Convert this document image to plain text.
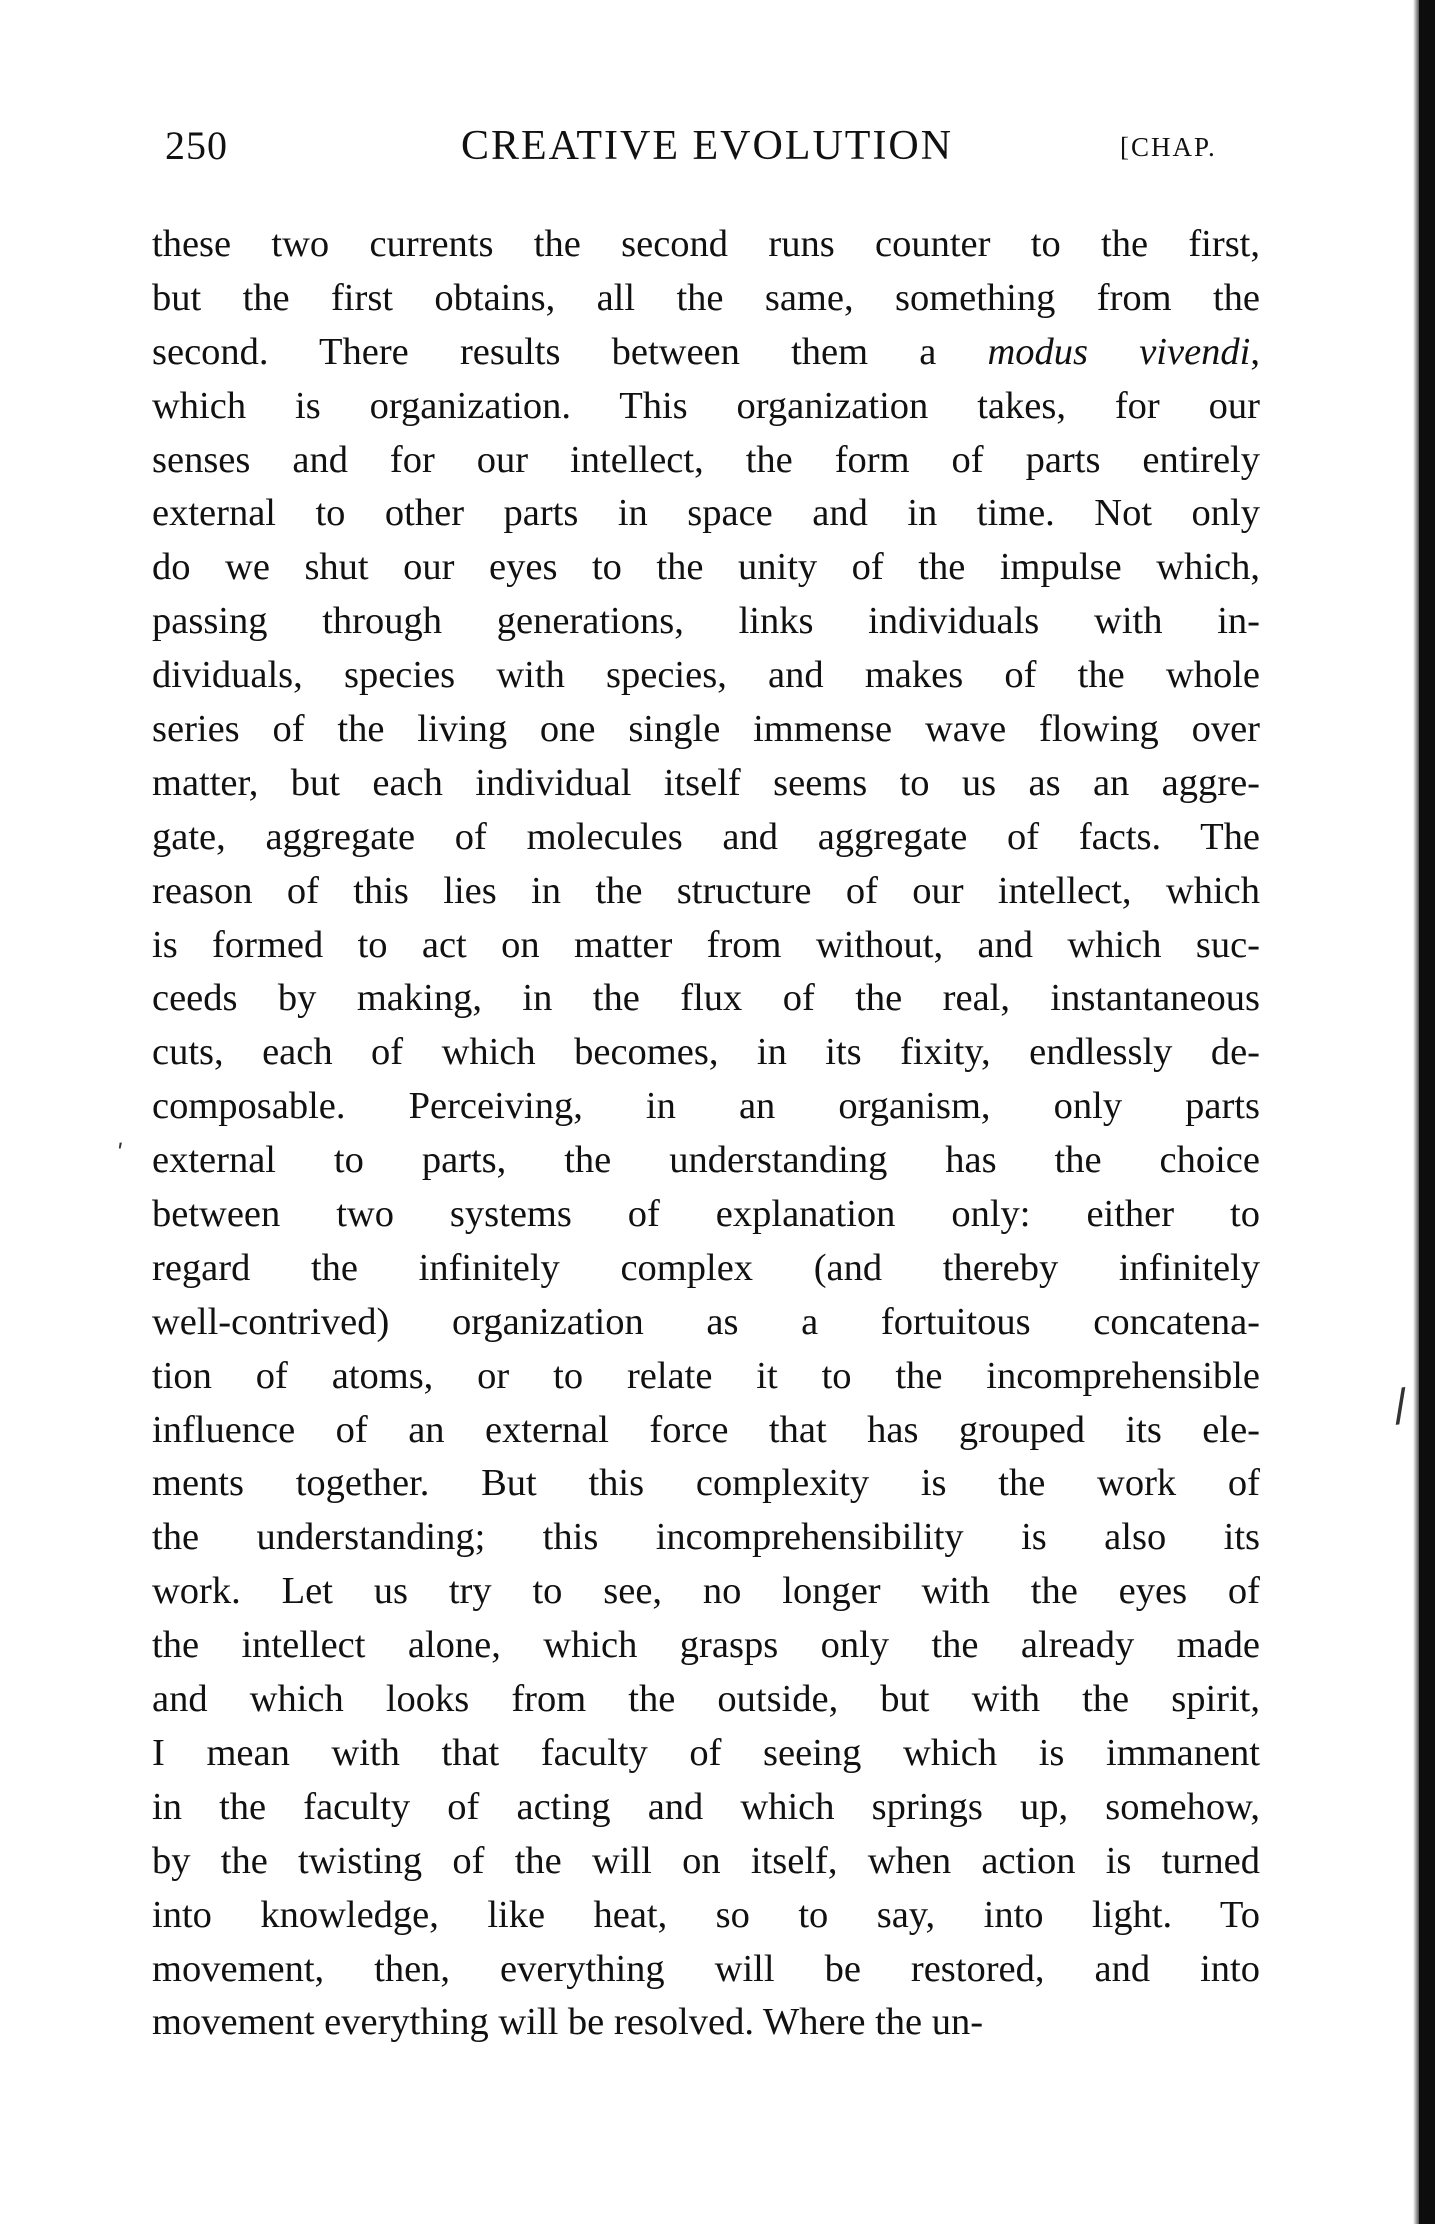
250	CREATIVE EVOLUTION	[CHAP.
these two currents the second runs counter to the first,
but the first obtains, all the same, something from the
second. There results between them a modus vivendi,
which is organization. This organization takes, for our
senses and for our intellect, the form of parts entirely
external to other parts in space and in time. Not only
do we shut our eyes to the unity of the impulse which,
passing through generations, links individuals with in-
dividuals, species with species, and makes of the whole
series of the living one single immense wave flowing over
matter, but each individual itself seems to us as an aggre-
gate, aggregate of molecules and aggregate of facts. The
reason of this lies in the structure of our intellect, which
is formed to act on matter from without, and which suc-
ceeds by making, in the flux of the real, instantaneous
cuts, each of which becomes, in its fixity, endlessly de-
composable. Perceiving, in an organism, only parts
external to parts, the understanding has the choice
between two systems of explanation only: either to
regard the infinitely complex (and thereby infinitely
well-contrived) organization as a fortuitous concatena-
tion of atoms, or to relate it to the incomprehensible
influence of an external force that has grouped its ele-
ments together. But this complexity is the work of
the understanding; this incomprehensibility is also its
work. Let us try to see, no longer with the eyes of
the intellect alone, which grasps only the already made
and which looks from the outside, but with the spirit,
I mean with that faculty of seeing which is immanent
in the faculty of acting and which springs up, somehow,
by the twisting of the will on itself, when action is turned
into knowledge, like heat, so to say, into light. To
movement, then, everything will be restored, and into
movement everything will be resolved. Where the un-
ʹ
/
